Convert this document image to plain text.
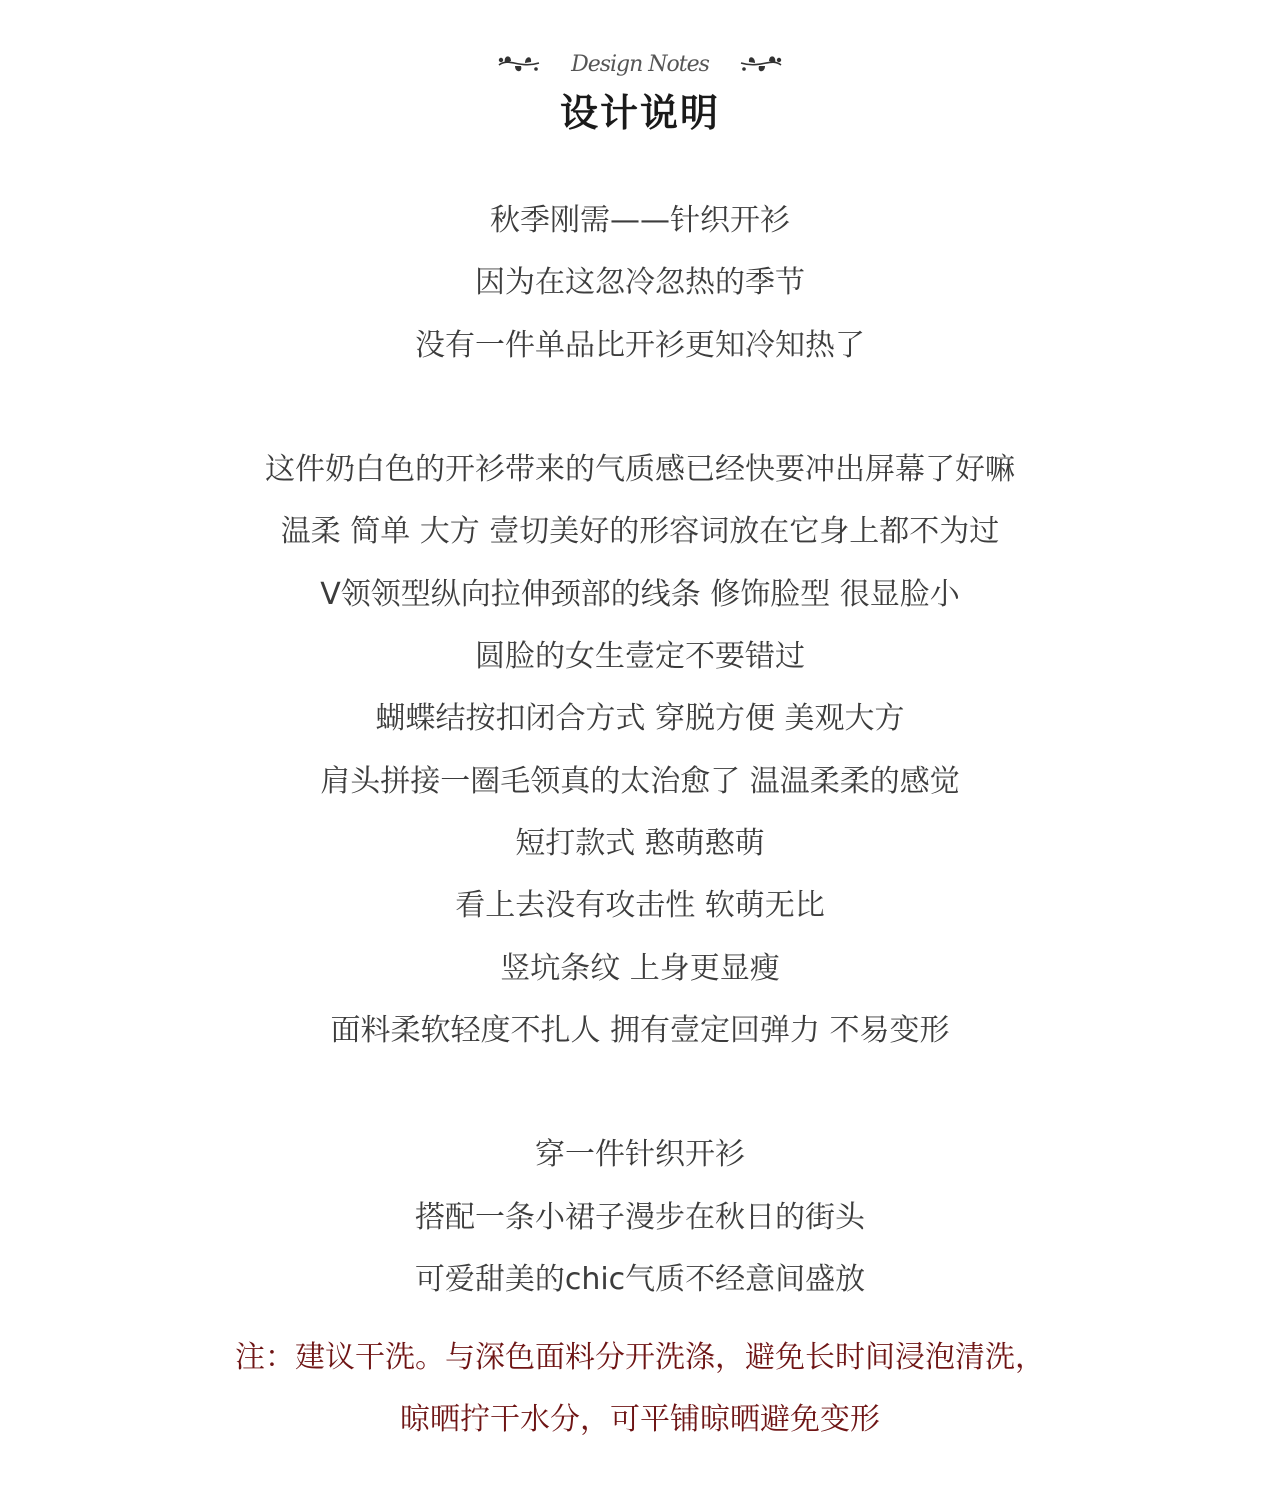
Design Notes
设计说明
秋季刚需——针织开衫
因为在这忽冷忽热的季节
没有一件单品比开衫更知冷知热了
这件奶白色的开衫带来的气质感已经快要冲出屏幕了好嘛
温柔 简单 大方 壹切美好的形容词放在它身上都不为过
V领领型纵向拉伸颈部的线条 修饰脸型 很显脸小
圆脸的女生壹定不要错过
蝴蝶结按扣闭合方式 穿脱方便 美观大方
肩头拼接一圈毛领真的太治愈了 温温柔柔的感觉
短打款式 憨萌憨萌
看上去没有攻击性 软萌无比
竖坑条纹 上身更显瘦
面料柔软轻度不扎人 拥有壹定回弹力 不易变形
穿一件针织开衫
搭配一条小裙子漫步在秋日的街头
可爱甜美的chic气质不经意间盛放
注：建议干洗。与深色面料分开洗涤，避免长时间浸泡清洗，
晾晒拧干水分，可平铺晾晒避免变形
